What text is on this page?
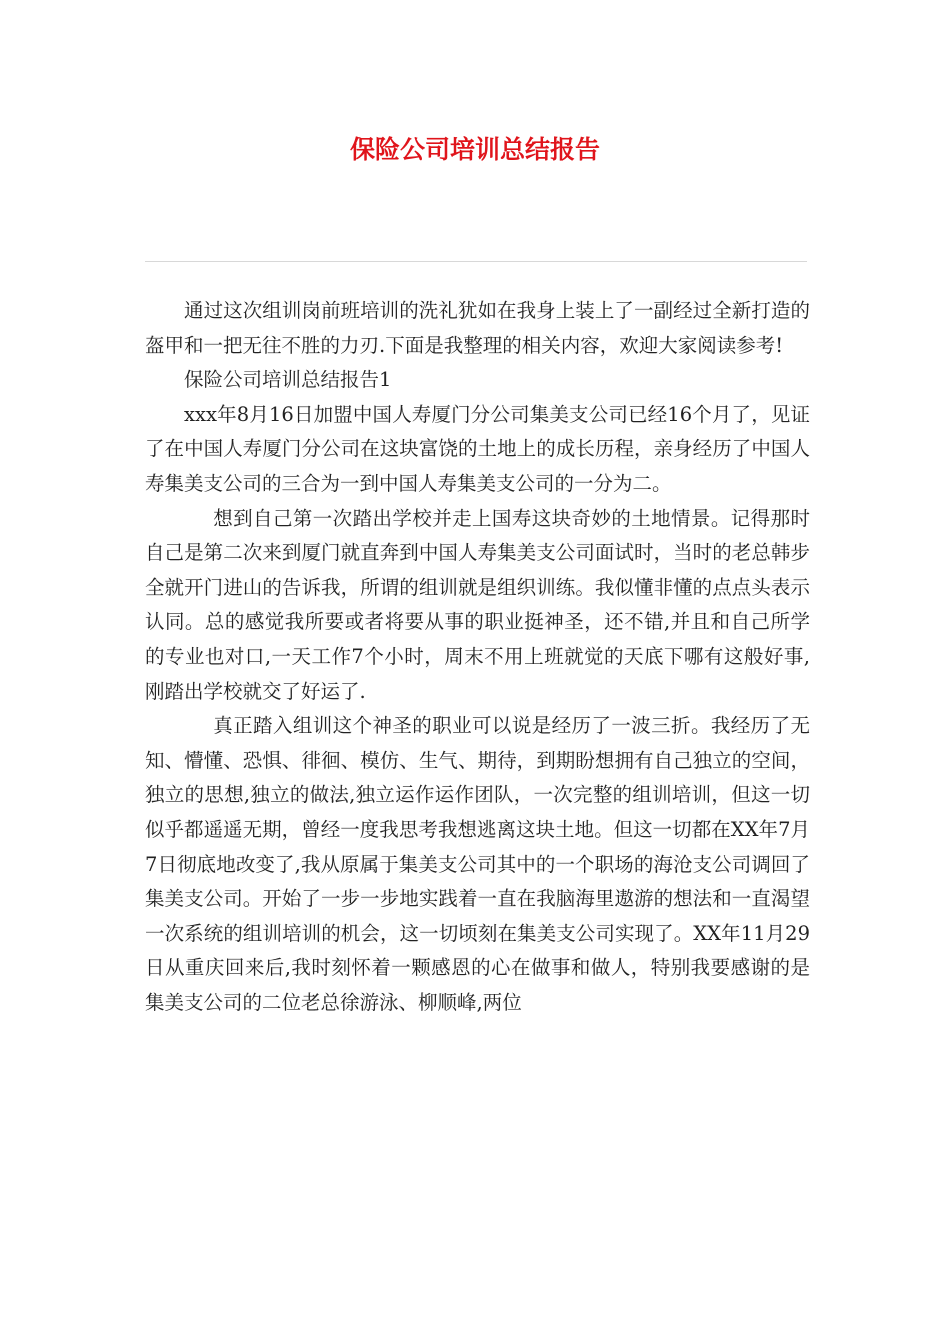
保险公司培训总结报告

通过这次组训岗前班培训的洗礼犹如在我身上装上了一副经过全新打造的盔甲和一把无往不胜的力刃.下面是我整理的相关内容，欢迎大家阅读参考!

保险公司培训总结报告1

xxx年8月16日加盟中国人寿厦门分公司集美支公司已经16个月了，见证了在中国人寿厦门分公司在这块富饶的土地上的成长历程，亲身经历了中国人寿集美支公司的三合为一到中国人寿集美支公司的一分为二。

想到自己第一次踏出学校并走上国寿这块奇妙的土地情景。记得那时自己是第二次来到厦门就直奔到中国人寿集美支公司面试时，当时的老总韩步全就开门进山的告诉我，所谓的组训就是组织训练。我似懂非懂的点点头表示认同。总的感觉我所要或者将要从事的职业挺神圣，还不错,并且和自己所学的专业也对口,一天工作7个小时，周末不用上班就觉的天底下哪有这般好事,刚踏出学校就交了好运了.

真正踏入组训这个神圣的职业可以说是经历了一波三折。我经历了无知、懵懂、恐惧、徘徊、模仿、生气、期待，到期盼想拥有自己独立的空间，独立的思想,独立的做法,独立运作运作团队，一次完整的组训培训，但这一切似乎都遥遥无期，曾经一度我思考我想逃离这块土地。但这一切都在XX年7月7日彻底地改变了,我从原属于集美支公司其中的一个职场的海沧支公司调回了集美支公司。开始了一步一步地实践着一直在我脑海里遨游的想法和一直渴望一次系统的组训培训的机会，这一切顷刻在集美支公司实现了。XX年11月29日从重庆回来后,我时刻怀着一颗感恩的心在做事和做人，特别我要感谢的是集美支公司的二位老总徐游泳、柳顺峰,两位
